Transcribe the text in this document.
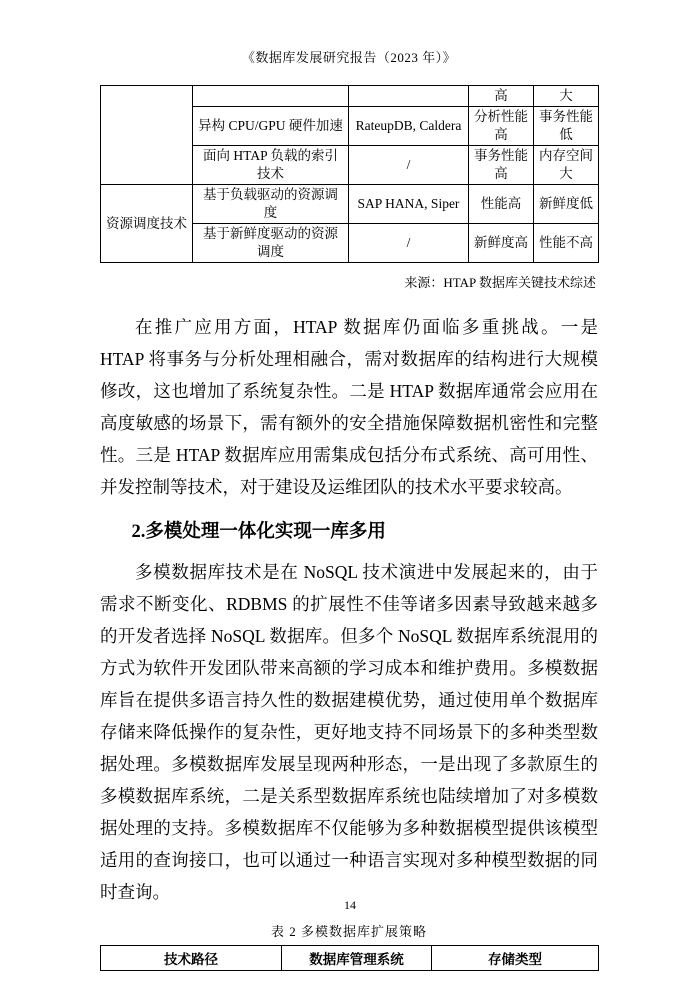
《数据库发展研究报告（2023 年）》
			高	大
	异构 CPU/GPU 硬件加速	RateupDB, Caldera	分析性能高	事务性能低
	面向 HTAP 负载的索引技术	/	事务性能高	内存空间大
资源调度技术	基于负载驱动的资源调度	SAP HANA, Siper	性能高	新鲜度低
	基于新鲜度驱动的资源调度	/	新鲜度高	性能不高
来源：HTAP 数据库关键技术综述

在推广应用方面，HTAP 数据库仍面临多重挑战。一是 HTAP 将事务与分析处理相融合，需对数据库的结构进行大规模修改，这也增加了系统复杂性。二是 HTAP 数据库通常会应用在高度敏感的场景下，需有额外的安全措施保障数据机密性和完整性。三是 HTAP 数据库应用需集成包括分布式系统、高可用性、并发控制等技术，对于建设及运维团队的技术水平要求较高。

2.多模处理一体化实现一库多用

多模数据库技术是在 NoSQL 技术演进中发展起来的，由于需求不断变化、RDBMS 的扩展性不佳等诸多因素导致越来越多的开发者选择 NoSQL 数据库。但多个 NoSQL 数据库系统混用的方式为软件开发团队带来高额的学习成本和维护费用。多模数据库旨在提供多语言持久性的数据建模优势，通过使用单个数据库存储来降低操作的复杂性，更好地支持不同场景下的多种类型数据处理。多模数据库发展呈现两种形态，一是出现了多款原生的多模数据库系统，二是关系型数据库系统也陆续增加了对多模数据处理的支持。多模数据库不仅能够为多种数据模型提供该模型适用的查询接口，也可以通过一种语言实现对多种模型数据的同时查询。

表 2 多模数据库扩展策略
技术路径	数据库管理系统	存储类型
14
